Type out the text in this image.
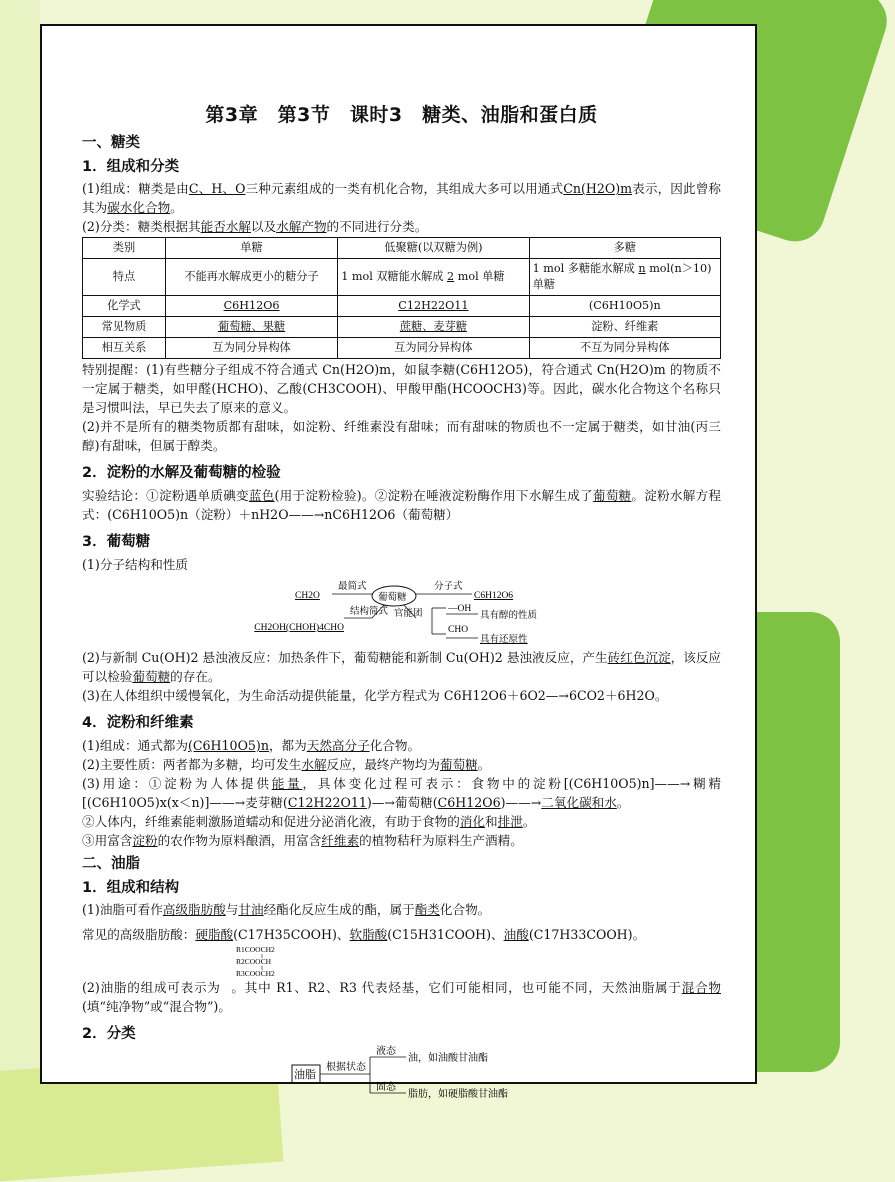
第3章　第3节　课时3　糖类、油脂和蛋白质
一、糖类
1．组成和分类

(1)组成：糖类是由C、H、O三种元素组成的一类有机化合物，其组成大多可以用通式Cn(H2O)m表示，因此曾称其为碳水化合物。

(2)分类：糖类根据其能否水解以及水解产物的不同进行分类。

类别	单糖	低聚糖(以双糖为例)	多糖
特点	不能再水解成更小的糖分子	1 mol 双糖能水解成 2 mol 单糖	1 mol 多糖能水解成 n mol(n＞10)单糖
化学式	C6H12O6	C12H22O11	(C6H10O5)n
常见物质	葡萄糖、果糖	蔗糖、麦芽糖	淀粉、纤维素
相互关系	互为同分异构体	互为同分异构体	不互为同分异构体

特别提醒：(1)有些糖分子组成不符合通式 Cn(H2O)m，如鼠李糖(C6H12O5)，符合通式 Cn(H2O)m 的物质不一定属于糖类，如甲醛(HCHO)、乙酸(CH3COOH)、甲酸甲酯(HCOOCH3)等。因此，碳水化合物这个名称只是习惯叫法，早已失去了原来的意义。

(2)并不是所有的糖类物质都有甜味，如淀粉、纤维素没有甜味；而有甜味的物质也不一定属于糖类，如甘油(丙三醇)有甜味，但属于醇类。

2．淀粉的水解及葡萄糖的检验

实验结论：①淀粉遇单质碘变蓝色(用于淀粉检验)。②淀粉在唾液淀粉酶作用下水解生成了葡萄糖。淀粉水解方程式：(C6H10O5)n（淀粉）＋nH2O——→nC6H12O6（葡萄糖）

3．葡萄糖

(1)分子结构和性质

葡萄糖
最简式
CH2O
分子式
C6H12O6
结构简式
CH2OH(CHOH)4CHO
官能团	—OH
具有醇的性质
CHO
具有还原性

(2)与新制 Cu(OH)2 悬浊液反应：加热条件下，葡萄糖能和新制 Cu(OH)2 悬浊液反应，产生砖红色沉淀，该反应可以检验葡萄糖的存在。

(3)在人体组织中缓慢氧化，为生命活动提供能量，化学方程式为 C6H12O6＋6O2—→6CO2＋6H2O。

4．淀粉和纤维素

(1)组成：通式都为(C6H10O5)n，都为天然高分子化合物。

(2)主要性质：两者都为多糖，均可发生水解反应，最终产物均为葡萄糖。

(3)用途：①淀粉为人体提供能量，具体变化过程可表示：食物中的淀粉[(C6H10O5)n]——→糊精[(C6H10O5)x(x＜n)]——→麦芽糖(C12H22O11)—→葡萄糖(C6H12O6)——→二氧化碳和水。

②人体内，纤维素能刺激肠道蠕动和促进分泌消化液，有助于食物的消化和排泄。

③用富含淀粉的农作物为原料酿酒，用富含纤维素的植物秸秆为原料生产酒精。

二、油脂
1．组成和结构

(1)油脂可看作高级脂肪酸与甘油经酯化反应生成的酯，属于酯类化合物。

常见的高级脂肪酸：硬脂酸(C17H35COOH)、软脂酸(C15H31COOH)、油酸(C17H33COOH)。

R1COOCH2
R2COOCH
R3COOCH2

(2)油脂的组成可表示为 。其中 R1、R2、R3 代表烃基，它们可能相同，也可能不同，天然油脂属于混合物(填“纯净物”或“混合物”)。

2．分类
油脂
根据状态
液态
油，如油酸甘油酯
固态
脂肪，如硬脂酸甘油酯
